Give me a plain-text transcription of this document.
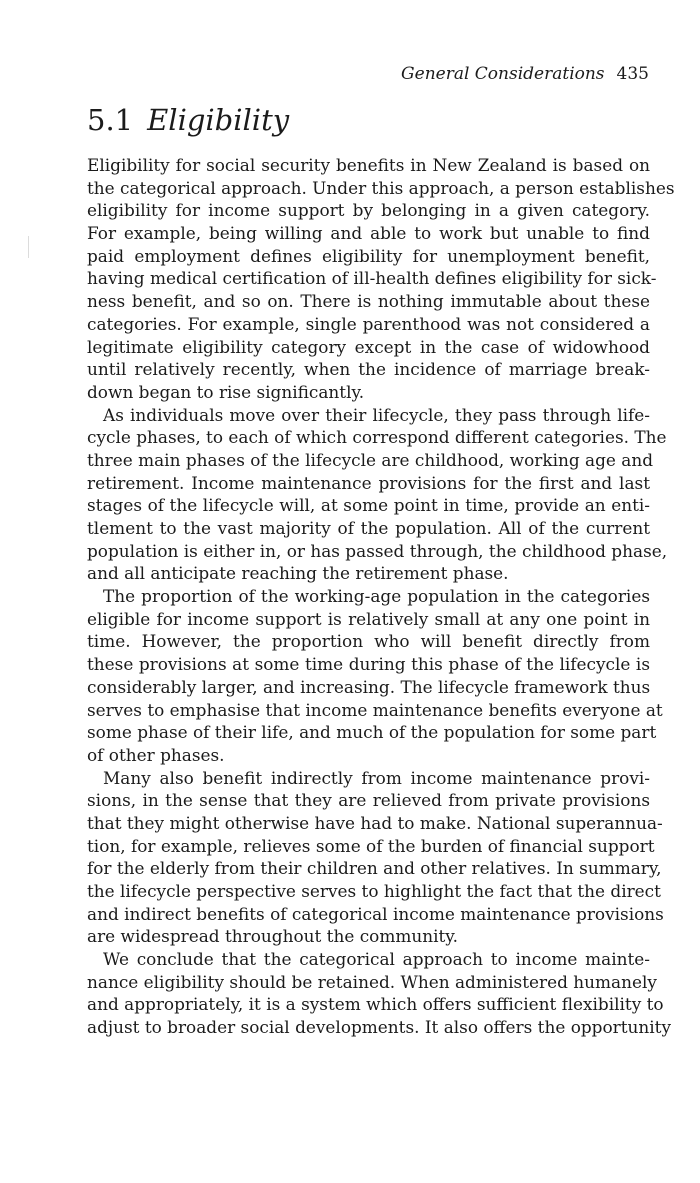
General Considerations 435
5.1 Eligibility
Eligibility for social security benefits in New Zealand is based on
the categorical approach. Under this approach, a person establishes
eligibility for income support by belonging in a given category.
For example, being willing and able to work but unable to find
paid employment defines eligibility for unemployment benefit,
having medical certification of ill-health defines eligibility for sick-
ness benefit, and so on. There is nothing immutable about these
categories. For example, single parenthood was not considered a
legitimate eligibility category except in the case of widowhood
until relatively recently, when the incidence of marriage break-
down began to rise significantly.
As individuals move over their lifecycle, they pass through life-
cycle phases, to each of which correspond different categories. The
three main phases of the lifecycle are childhood, working age and
retirement. Income maintenance provisions for the first and last
stages of the lifecycle will, at some point in time, provide an enti-
tlement to the vast majority of the population. All of the current
population is either in, or has passed through, the childhood phase,
and all anticipate reaching the retirement phase.
The proportion of the working-age population in the categories
eligible for income support is relatively small at any one point in
time. However, the proportion who will benefit directly from
these provisions at some time during this phase of the lifecycle is
considerably larger, and increasing. The lifecycle framework thus
serves to emphasise that income maintenance benefits everyone at
some phase of their life, and much of the population for some part
of other phases.
Many also benefit indirectly from income maintenance provi-
sions, in the sense that they are relieved from private provisions
that they might otherwise have had to make. National superannua-
tion, for example, relieves some of the burden of financial support
for the elderly from their children and other relatives. In summary,
the lifecycle perspective serves to highlight the fact that the direct
and indirect benefits of categorical income maintenance provisions
are widespread throughout the community.
We conclude that the categorical approach to income mainte-
nance eligibility should be retained. When administered humanely
and appropriately, it is a system which offers sufficient flexibility to
adjust to broader social developments. It also offers the opportunity
